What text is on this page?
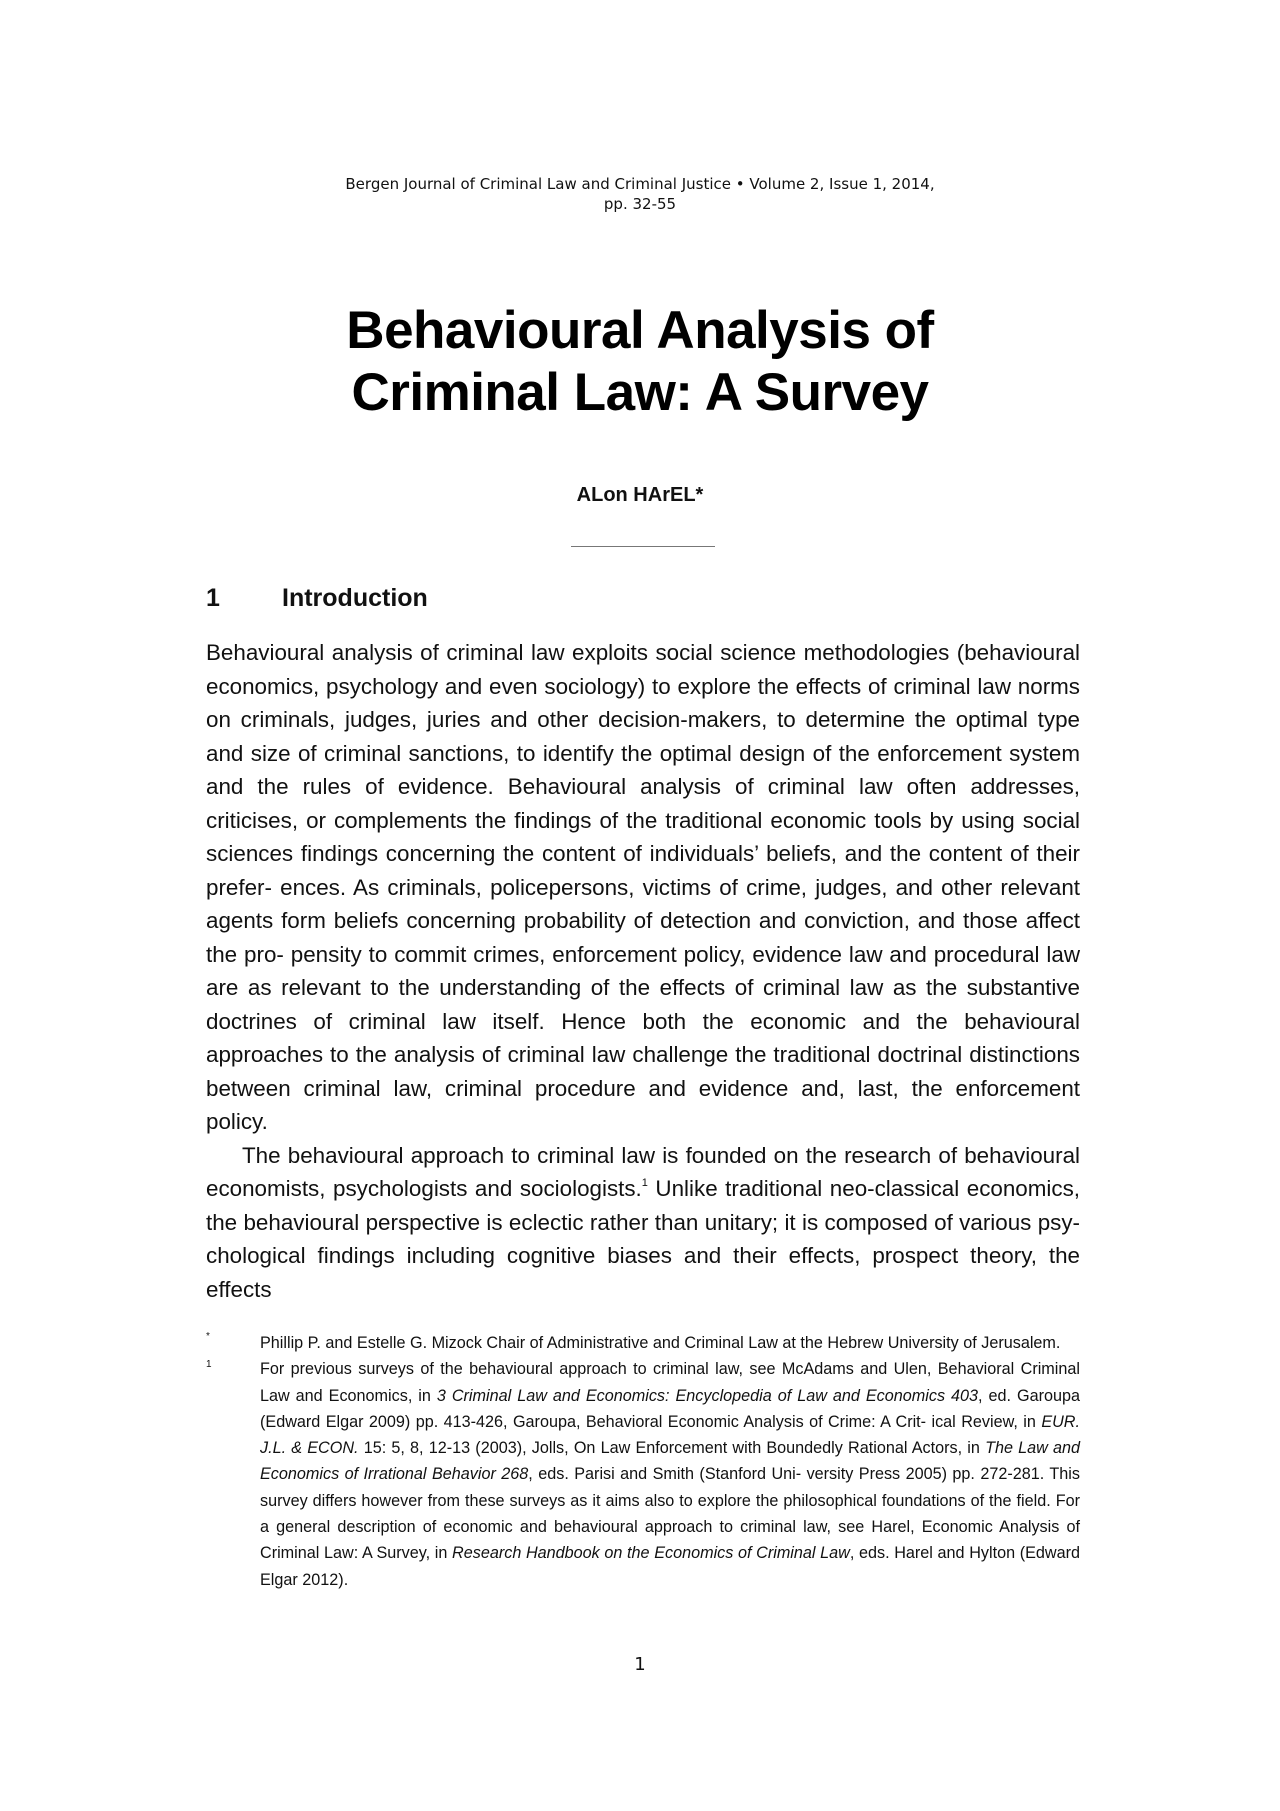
Bergen Journal of Criminal Law and Criminal Justice • Volume 2, Issue 1, 2014,
pp. 32-55
Behavioural Analysis of
Criminal Law: A Survey
ALon HArEL*
1 Introduction

Behavioural analysis of criminal law exploits social science methodologies (behavioural economics, psychology and even sociology) to explore the effects of criminal law norms on criminals, judges, juries and other decision-makers, to determine the optimal type and size of criminal sanctions, to identify the optimal design of the enforcement system and the rules of evidence. Behavioural analysis of criminal law often addresses, criticises, or complements the findings of the traditional economic tools by using social sciences findings concerning the content of individuals’ beliefs, and the content of their prefer- ences. As criminals, policepersons, victims of crime, judges, and other relevant agents form beliefs concerning probability of detection and conviction, and those affect the pro- pensity to commit crimes, enforcement policy, evidence law and procedural law are as relevant to the understanding of the effects of criminal law as the substantive doctrines of criminal law itself. Hence both the economic and the behavioural approaches to the analysis of criminal law challenge the traditional doctrinal distinctions between criminal law, criminal procedure and evidence and, last, the enforcement policy.

The behavioural approach to criminal law is founded on the research of behavioural economists, psychologists and sociologists.$^1$ Unlike traditional neo-classical economics, the behavioural perspective is eclectic rather than unitary; it is composed of various psy- chological findings including cognitive biases and their effects, prospect theory, the effects

*	Phillip P. and Estelle G. Mizock Chair of Administrative and Criminal Law at the Hebrew University of Jerusalem.
1	For previous surveys of the behavioural approach to criminal law, see McAdams and Ulen, Behavioral Criminal Law and Economics, in 3 Criminal Law and Economics: Encyclopedia of Law and Economics 403, ed. Garoupa (Edward Elgar 2009) pp. 413-426, Garoupa, Behavioral Economic Analysis of Crime: A Crit- ical Review, in EUR. J.L. & ECON. 15: 5, 8, 12-13 (2003), Jolls, On Law Enforcement with Boundedly Rational Actors, in The Law and Economics of Irrational Behavior 268, eds. Parisi and Smith (Stanford Uni- versity Press 2005) pp. 272-281. This survey differs however from these surveys as it aims also to explore the philosophical foundations of the field. For a general description of economic and behavioural approach to criminal law, see Harel, Economic Analysis of Criminal Law: A Survey, in Research Handbook on the Economics of Criminal Law, eds. Harel and Hylton (Edward Elgar 2012).
1
